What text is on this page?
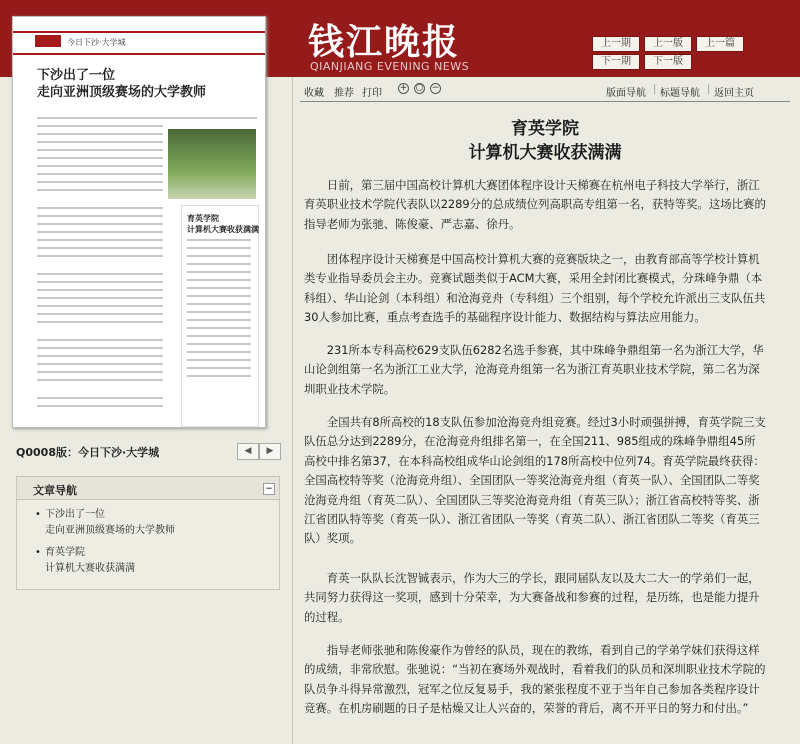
钱江晚报
QIANJIANG EVENING NEWS
上一期	上一版	上一篇
下一期	下一版
今日下沙·大学城
下沙出了一位
走向亚洲顶级赛场的大学教师
育英学院
计算机大赛收获满满
Q0008版：今日下沙·大学城	◀	▶
文章导航	−
• 下沙出了一位
走向亚洲顶级赛场的大学教师
• 育英学院
计算机大赛收获满满
收藏 推荐 打印 + ○ −	版面导航 | 标题导航 | 返回主页
育英学院
计算机大赛收获满满

日前，第三届中国高校计算机大赛团体程序设计天梯赛在杭州电子科技大学举行，浙江育英职业技术学院代表队以2289分的总成绩位列高职高专组第一名，获特等奖。这场比赛的指导老师为张驰、陈俊豪、严志嘉、徐丹。

团体程序设计天梯赛是中国高校计算机大赛的竞赛版块之一，由教育部高等学校计算机类专业指导委员会主办。竞赛试题类似于ACM大赛，采用全封闭比赛模式，分珠峰争鼎（本科组）、华山论剑（本科组）和沧海竞舟（专科组）三个组别，每个学校允许派出三支队伍共30人参加比赛，重点考查选手的基础程序设计能力、数据结构与算法应用能力。

231所本专科高校629支队伍6282名选手参赛，其中珠峰争鼎组第一名为浙江大学，华山论剑组第一名为浙江工业大学，沧海竞舟组第一名为浙江育英职业技术学院，第二名为深圳职业技术学院。

全国共有8所高校的18支队伍参加沧海竞舟组竞赛。经过3小时顽强拼搏，育英学院三支队伍总分达到2289分，在沧海竞舟组排名第一，在全国211、985组成的珠峰争鼎组45所高校中排名第37，在本科高校组成华山论剑组的178所高校中位列74。育英学院最终获得：全国高校特等奖（沧海竞舟组）、全国团队一等奖沧海竞舟组（育英一队）、全国团队二等奖沧海竞舟组（育英二队）、全国团队三等奖沧海竞舟组（育英三队）；浙江省高校特等奖、浙江省团队特等奖（育英一队）、浙江省团队一等奖（育英二队）、浙江省团队二等奖（育英三队）奖项。

育英一队队长沈智铖表示，作为大三的学长，跟同届队友以及大二大一的学弟们一起，共同努力获得这一奖项，感到十分荣幸，为大赛备战和参赛的过程，是历练，也是能力提升的过程。

指导老师张驰和陈俊豪作为曾经的队员，现在的教练，看到自己的学弟学妹们获得这样的成绩，非常欣慰。张驰说：“当初在赛场外观战时，看着我们的队员和深圳职业技术学院的队员争斗得异常激烈，冠军之位反复易手，我的紧张程度不亚于当年自己参加各类程序设计竞赛。在机房刷题的日子是枯燥又让人兴奋的，荣誉的背后，离不开平日的努力和付出。”
